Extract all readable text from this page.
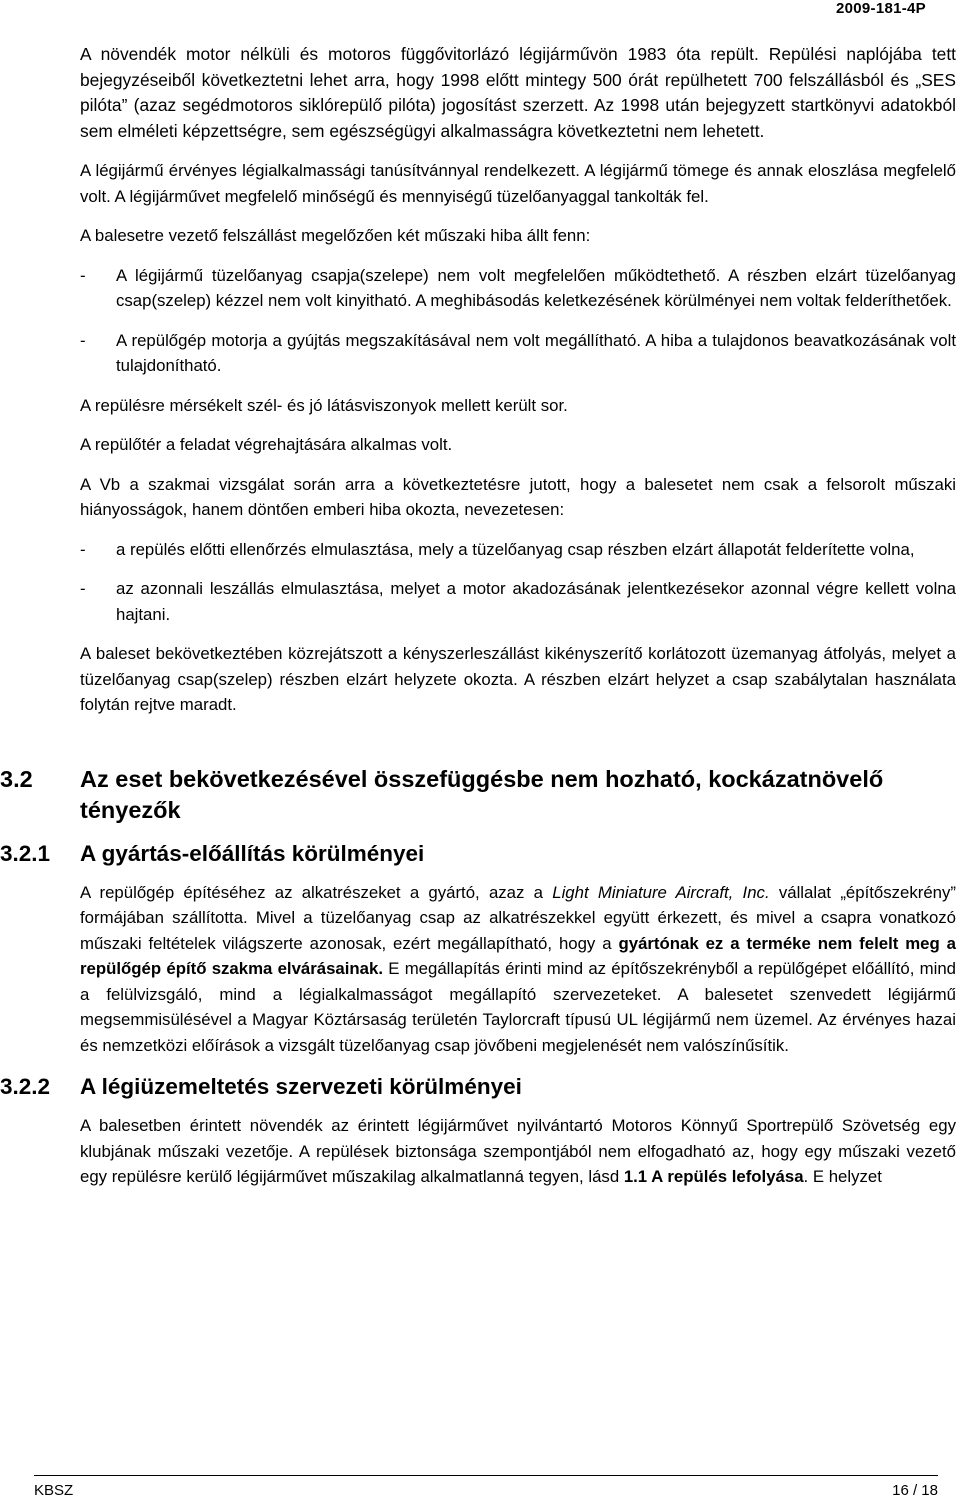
2009-181-4P

A növendék motor nélküli és motoros függővitorlázó légijárművön 1983 óta repült. Repülési naplójába tett bejegyzéseiből következtetni lehet arra, hogy 1998 előtt mintegy 500 órát repülhetett 700 felszállásból és „SES pilóta” (azaz segédmotoros siklórepülő pilóta) jogosítást szerzett. Az 1998 után bejegyzett startkönyvi adatokból sem elméleti képzettségre, sem egészségügyi alkalmasságra következtetni nem lehetett.

A légijármű érvényes légialkalmassági tanúsítvánnyal rendelkezett. A légijármű tömege és annak eloszlása megfelelő volt. A légijárművet megfelelő minőségű és mennyiségű tüzelőanyaggal tankolták fel.

A balesetre vezető felszállást megelőzően két műszaki hiba állt fenn:

- A légijármű tüzelőanyag csapja(szelepe) nem volt megfelelően működtethető. A részben elzárt tüzelőanyag csap(szelep) kézzel nem volt kinyitható. A meghibásodás keletkezésének körülményei nem voltak felderíthetőek.
- A repülőgép motorja a gyújtás megszakításával nem volt megállítható. A hiba a tulajdonos beavatkozásának volt tulajdonítható.

A repülésre mérsékelt szél- és jó látásviszonyok mellett került sor.

A repülőtér a feladat végrehajtására alkalmas volt.

A Vb a szakmai vizsgálat során arra a következtetésre jutott, hogy a balesetet nem csak a felsorolt műszaki hiányosságok, hanem döntően emberi hiba okozta, nevezetesen:

- a repülés előtti ellenőrzés elmulasztása, mely a tüzelőanyag csap részben elzárt állapotát felderítette volna,
- az azonnali leszállás elmulasztása, melyet a motor akadozásának jelentkezésekor azonnal végre kellett volna hajtani.

A baleset bekövetkeztében közrejátszott a kényszerleszállást kikényszerítő korlátozott üzemanyag átfolyás, melyet a tüzelőanyag csap(szelep) részben elzárt helyzete okozta. A részben elzárt helyzet a csap szabálytalan használata folytán rejtve maradt.

3.2 Az eset bekövetkezésével összefüggésbe nem hozható, kockázatnövelő tényezők
3.2.1 A gyártás-előállítás körülményei

A repülőgép építéséhez az alkatrészeket a gyártó, azaz a Light Miniature Aircraft, Inc. vállalat „építőszekrény” formájában szállította. Mivel a tüzelőanyag csap az alkatrészekkel együtt érkezett, és mivel a csapra vonatkozó műszaki feltételek világszerte azonosak, ezért megállapítható, hogy a gyártónak ez a terméke nem felelt meg a repülőgép építő szakma elvárásainak. E megállapítás érinti mind az építőszekrényből a repülőgépet előállító, mind a felülvizsgáló, mind a légialkalmasságot megállapító szervezeteket. A balesetet szenvedett légijármű megsemmisülésével a Magyar Köztársaság területén Taylorcraft típusú UL légijármű nem üzemel. Az érvényes hazai és nemzetközi előírások a vizsgált tüzelőanyag csap jövőbeni megjelenését nem valószínűsítik.

3.2.2 A légiüzemeltetés szervezeti körülményei

A balesetben érintett növendék az érintett légijárművet nyilvántartó Motoros Könnyű Sportrepülő Szövetség egy klubjának műszaki vezetője. A repülések biztonsága szempontjából nem elfogadható az, hogy egy műszaki vezető egy repülésre kerülő légijárművet műszakilag alkalmatlanná tegyen, lásd 1.1 A repülés lefolyása. E helyzet

KBSZ	16 / 18
